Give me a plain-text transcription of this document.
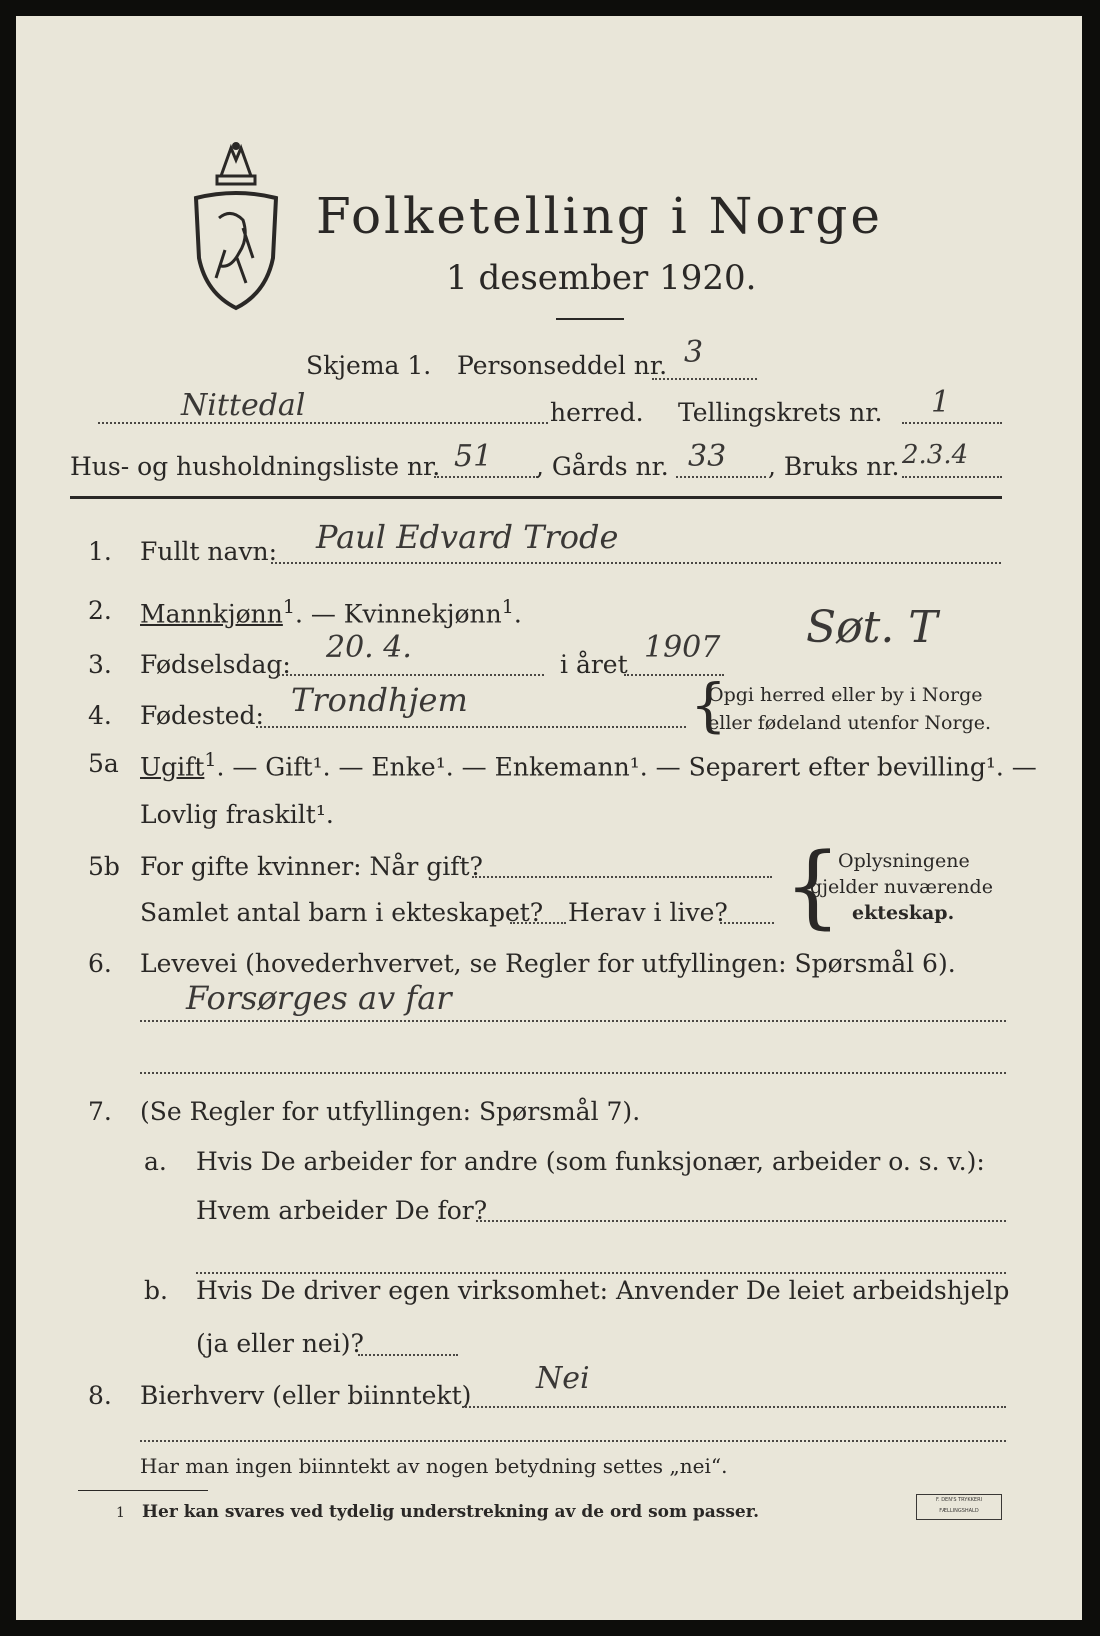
Folketelling i Norge
1 desember 1920.
Skjema 1. Personseddel nr. 3
Nittedal	herred. Tellingskrets nr. 1
Hus- og husholdningsliste nr. 51 , Gårds nr. 33 , Bruks nr. 2.3.4
1. Fullt navn: Paul Edvard Trode
2. Mannkjønn$^1$. — Kvinnekjønn$^1$.	Søt. T
3. Fødselsdag: 20. 4.	i året 1907
4. Fødested: Trondhjem	{
Opgi herred eller by i Norge
eller fødeland utenfor Norge.
5a Ugift$^1$. — Gift¹. — Enke¹. — Enkemann¹. — Separert efter bevilling¹. —
Lovlig fraskilt¹.
5b For gifte kvinner: Når gift?
Samlet antal barn i ekteskapet? Herav i live? {
Oplysningene
gjelder nuværende
ekteskap.
6. Levevei (hovederhvervet, se Regler for utfyllingen: Spørsmål 6).
Forsørges av far
7. (Se Regler for utfyllingen: Spørsmål 7).
a. Hvis De arbeider for andre (som funksjonær, arbeider o. s. v.):
Hvem arbeider De for?
b. Hvis De driver egen virksomhet: Anvender De leiet arbeidshjelp
(ja eller nei)?
8. Bierhverv (eller biinntekt) Nei
Har man ingen biinntekt av nogen betydning settes „nei“.
1 Her kan svares ved tydelig understrekning av de ord som passer.
F. DEN'S TRYKKERI FÆLLINGSHALD
